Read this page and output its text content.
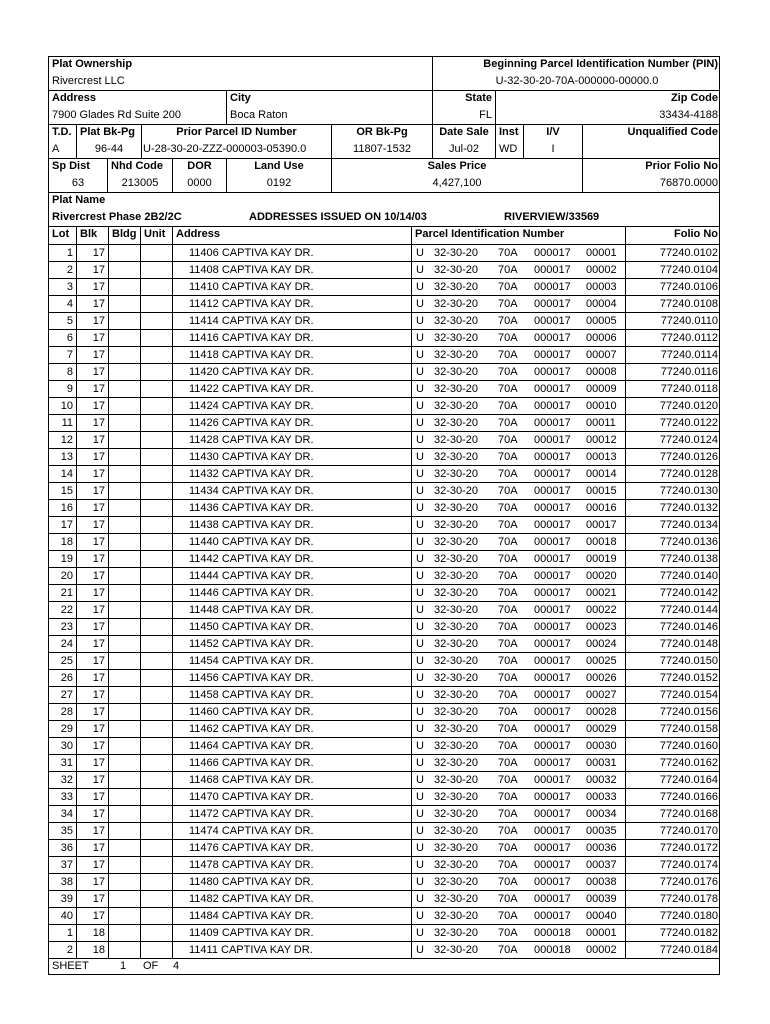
Plat Ownership
Rivercrest LLC
Beginning Parcel Identification Number (PIN)
U-32-30-20-70A-000000-00000.0
Address
7900 Glades Rd Suite 200
City
Boca Raton
State
FL
Zip Code
33434-4188
T.D.
A
Plat Bk-Pg
96-44
Prior Parcel ID Number
U-28-30-20-ZZZ-000003-05390.0
OR Bk-Pg
11807-1532
Date Sale
Jul-02
Inst
WD
I/V
I
Unqualified Code
Sp Dist
63
Nhd Code
213005
DOR
0000
Land Use
0192
Sales Price
4,427,100
Prior Folio No
76870.0000
Plat Name
Rivercrest Phase 2B2/2C	ADDRESSES ISSUED ON 10/14/03	RIVERVIEW/33569
Lot Blk	Bldg Unit Address	Parcel Identification Number	Folio No
1 17	11406 CAPTIVA KAY DR.	U 32-30-20 70A 000017 00001	77240.0102
2 17	11408 CAPTIVA KAY DR.	U 32-30-20 70A 000017 00002	77240.0104
3 17	11410 CAPTIVA KAY DR.	U 32-30-20 70A 000017 00003	77240.0106
4 17	11412 CAPTIVA KAY DR.	U 32-30-20 70A 000017 00004	77240.0108
5 17	11414 CAPTIVA KAY DR.	U 32-30-20 70A 000017 00005	77240.0110
6 17	11416 CAPTIVA KAY DR.	U 32-30-20 70A 000017 00006	77240.0112
7 17	11418 CAPTIVA KAY DR.	U 32-30-20 70A 000017 00007	77240.0114
8 17	11420 CAPTIVA KAY DR.	U 32-30-20 70A 000017 00008	77240.0116
9 17	11422 CAPTIVA KAY DR.	U 32-30-20 70A 000017 00009	77240.0118
10 17	11424 CAPTIVA KAY DR.	U 32-30-20 70A 000017 00010	77240.0120
11 17	11426 CAPTIVA KAY DR.	U 32-30-20 70A 000017 00011	77240.0122
12 17	11428 CAPTIVA KAY DR.	U 32-30-20 70A 000017 00012	77240.0124
13 17	11430 CAPTIVA KAY DR.	U 32-30-20 70A 000017 00013	77240.0126
14 17	11432 CAPTIVA KAY DR.	U 32-30-20 70A 000017 00014	77240.0128
15 17	11434 CAPTIVA KAY DR.	U 32-30-20 70A 000017 00015	77240.0130
16 17	11436 CAPTIVA KAY DR.	U 32-30-20 70A 000017 00016	77240.0132
17 17	11438 CAPTIVA KAY DR.	U 32-30-20 70A 000017 00017	77240.0134
18 17	11440 CAPTIVA KAY DR.	U 32-30-20 70A 000017 00018	77240.0136
19 17	11442 CAPTIVA KAY DR.	U 32-30-20 70A 000017 00019	77240.0138
20 17	11444 CAPTIVA KAY DR.	U 32-30-20 70A 000017 00020	77240.0140
21 17	11446 CAPTIVA KAY DR.	U 32-30-20 70A 000017 00021	77240.0142
22 17	11448 CAPTIVA KAY DR.	U 32-30-20 70A 000017 00022	77240.0144
23 17	11450 CAPTIVA KAY DR.	U 32-30-20 70A 000017 00023	77240.0146
24 17	11452 CAPTIVA KAY DR.	U 32-30-20 70A 000017 00024	77240.0148
25 17	11454 CAPTIVA KAY DR.	U 32-30-20 70A 000017 00025	77240.0150
26 17	11456 CAPTIVA KAY DR.	U 32-30-20 70A 000017 00026	77240.0152
27 17	11458 CAPTIVA KAY DR.	U 32-30-20 70A 000017 00027	77240.0154
28 17	11460 CAPTIVA KAY DR.	U 32-30-20 70A 000017 00028	77240.0156
29 17	11462 CAPTIVA KAY DR.	U 32-30-20 70A 000017 00029	77240.0158
30 17	11464 CAPTIVA KAY DR.	U 32-30-20 70A 000017 00030	77240.0160
31 17	11466 CAPTIVA KAY DR.	U 32-30-20 70A 000017 00031	77240.0162
32 17	11468 CAPTIVA KAY DR.	U 32-30-20 70A 000017 00032	77240.0164
33 17	11470 CAPTIVA KAY DR.	U 32-30-20 70A 000017 00033	77240.0166
34 17	11472 CAPTIVA KAY DR.	U 32-30-20 70A 000017 00034	77240.0168
35 17	11474 CAPTIVA KAY DR.	U 32-30-20 70A 000017 00035	77240.0170
36 17	11476 CAPTIVA KAY DR.	U 32-30-20 70A 000017 00036	77240.0172
37 17	11478 CAPTIVA KAY DR.	U 32-30-20 70A 000017 00037	77240.0174
38 17	11480 CAPTIVA KAY DR.	U 32-30-20 70A 000017 00038	77240.0176
39 17	11482 CAPTIVA KAY DR.	U 32-30-20 70A 000017 00039	77240.0178
40 17	11484 CAPTIVA KAY DR.	U 32-30-20 70A 000017 00040	77240.0180
1 18	11409 CAPTIVA KAY DR.	U 32-30-20 70A 000018 00001	77240.0182
2 18	11411 CAPTIVA KAY DR.	U 32-30-20 70A 000018 00002	77240.0184
SHEET	1 OF 4
